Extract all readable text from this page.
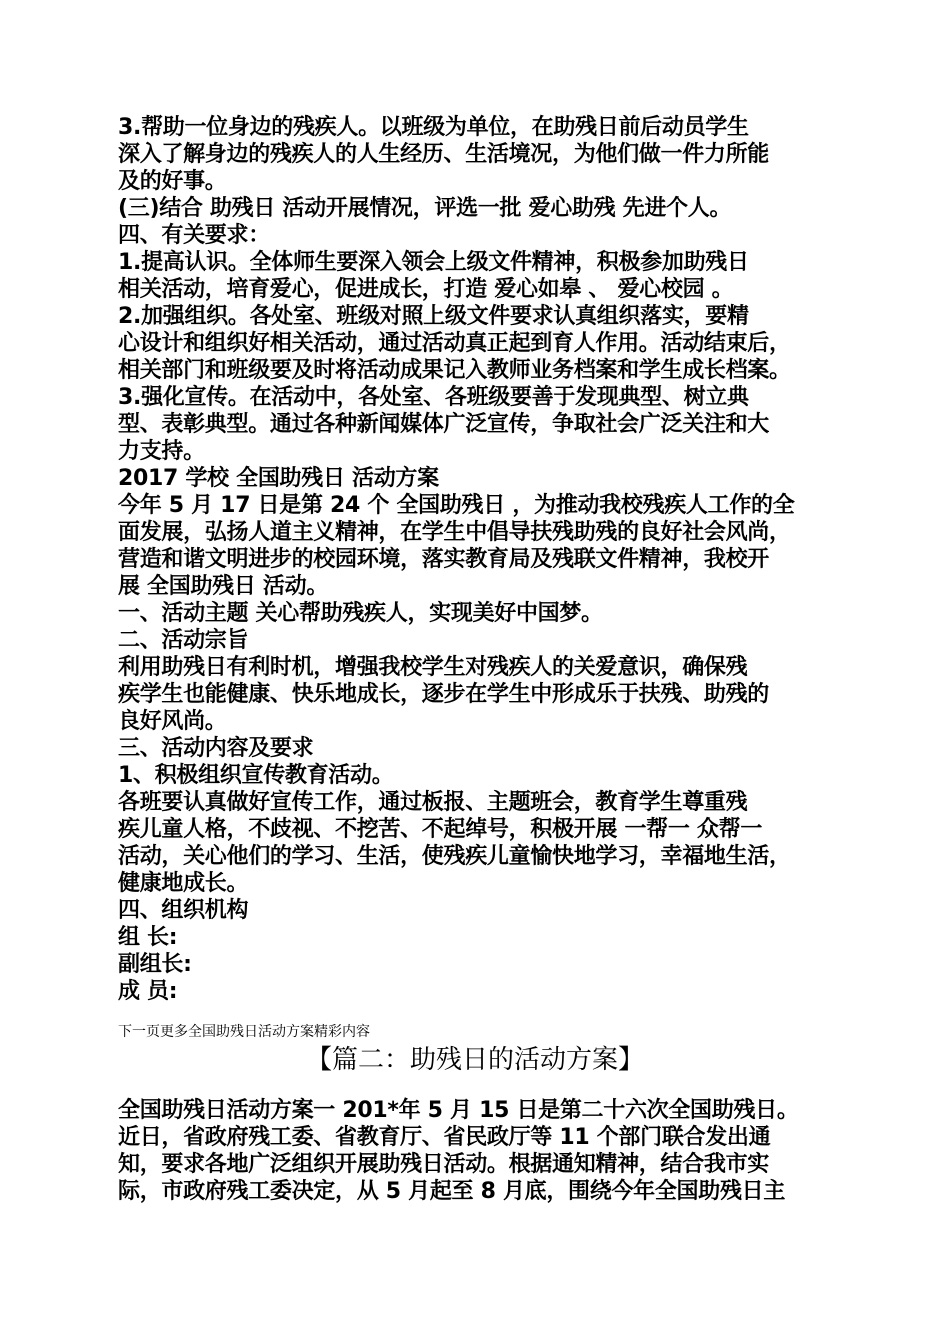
3.帮助一位身边的残疾人。以班级为单位，在助残日前后动员学生
深入了解身边的残疾人的人生经历、生活境况，为他们做一件力所能
及的好事。
(三)结合 助残日 活动开展情况，评选一批 爱心助残 先进个人。
四、有关要求：
1.提高认识。全体师生要深入领会上级文件精神，积极参加助残日
相关活动，培育爱心，促进成长，打造 爱心如皋 、 爱心校园 。
2.加强组织。各处室、班级对照上级文件要求认真组织落实，要精
心设计和组织好相关活动，通过活动真正起到育人作用。活动结束后，
相关部门和班级要及时将活动成果记入教师业务档案和学生成长档案。
3.强化宣传。在活动中，各处室、各班级要善于发现典型、树立典
型、表彰典型。通过各种新闻媒体广泛宣传，争取社会广泛关注和大
力支持。
2017 学校 全国助残日 活动方案
今年 5 月 17 日是第 24 个 全国助残日 ，为推动我校残疾人工作的全
面发展，弘扬人道主义精神，在学生中倡导扶残助残的良好社会风尚，
营造和谐文明进步的校园环境，落实教育局及残联文件精神，我校开
展 全国助残日 活动。
一、活动主题 关心帮助残疾人，实现美好中国梦。
二、活动宗旨
利用助残日有利时机，增强我校学生对残疾人的关爱意识，确保残
疾学生也能健康、快乐地成长，逐步在学生中形成乐于扶残、助残的
良好风尚。
三、活动内容及要求
1、积极组织宣传教育活动。
各班要认真做好宣传工作，通过板报、主题班会，教育学生尊重残
疾儿童人格，不歧视、不挖苦、不起绰号，积极开展 一帮一 众帮一
活动，关心他们的学习、生活，使残疾儿童愉快地学习，幸福地生活，
健康地成长。
四、组织机构
组 长:
副组长:
成 员:
下一页更多全国助残日活动方案精彩内容
【篇二：助残日的活动方案】
全国助残日活动方案一 201*年 5 月 15 日是第二十六次全国助残日。
近日，省政府残工委、省教育厅、省民政厅等 11 个部门联合发出通
知，要求各地广泛组织开展助残日活动。根据通知精神，结合我市实
际，市政府残工委决定，从 5 月起至 8 月底，围绕今年全国助残日主
